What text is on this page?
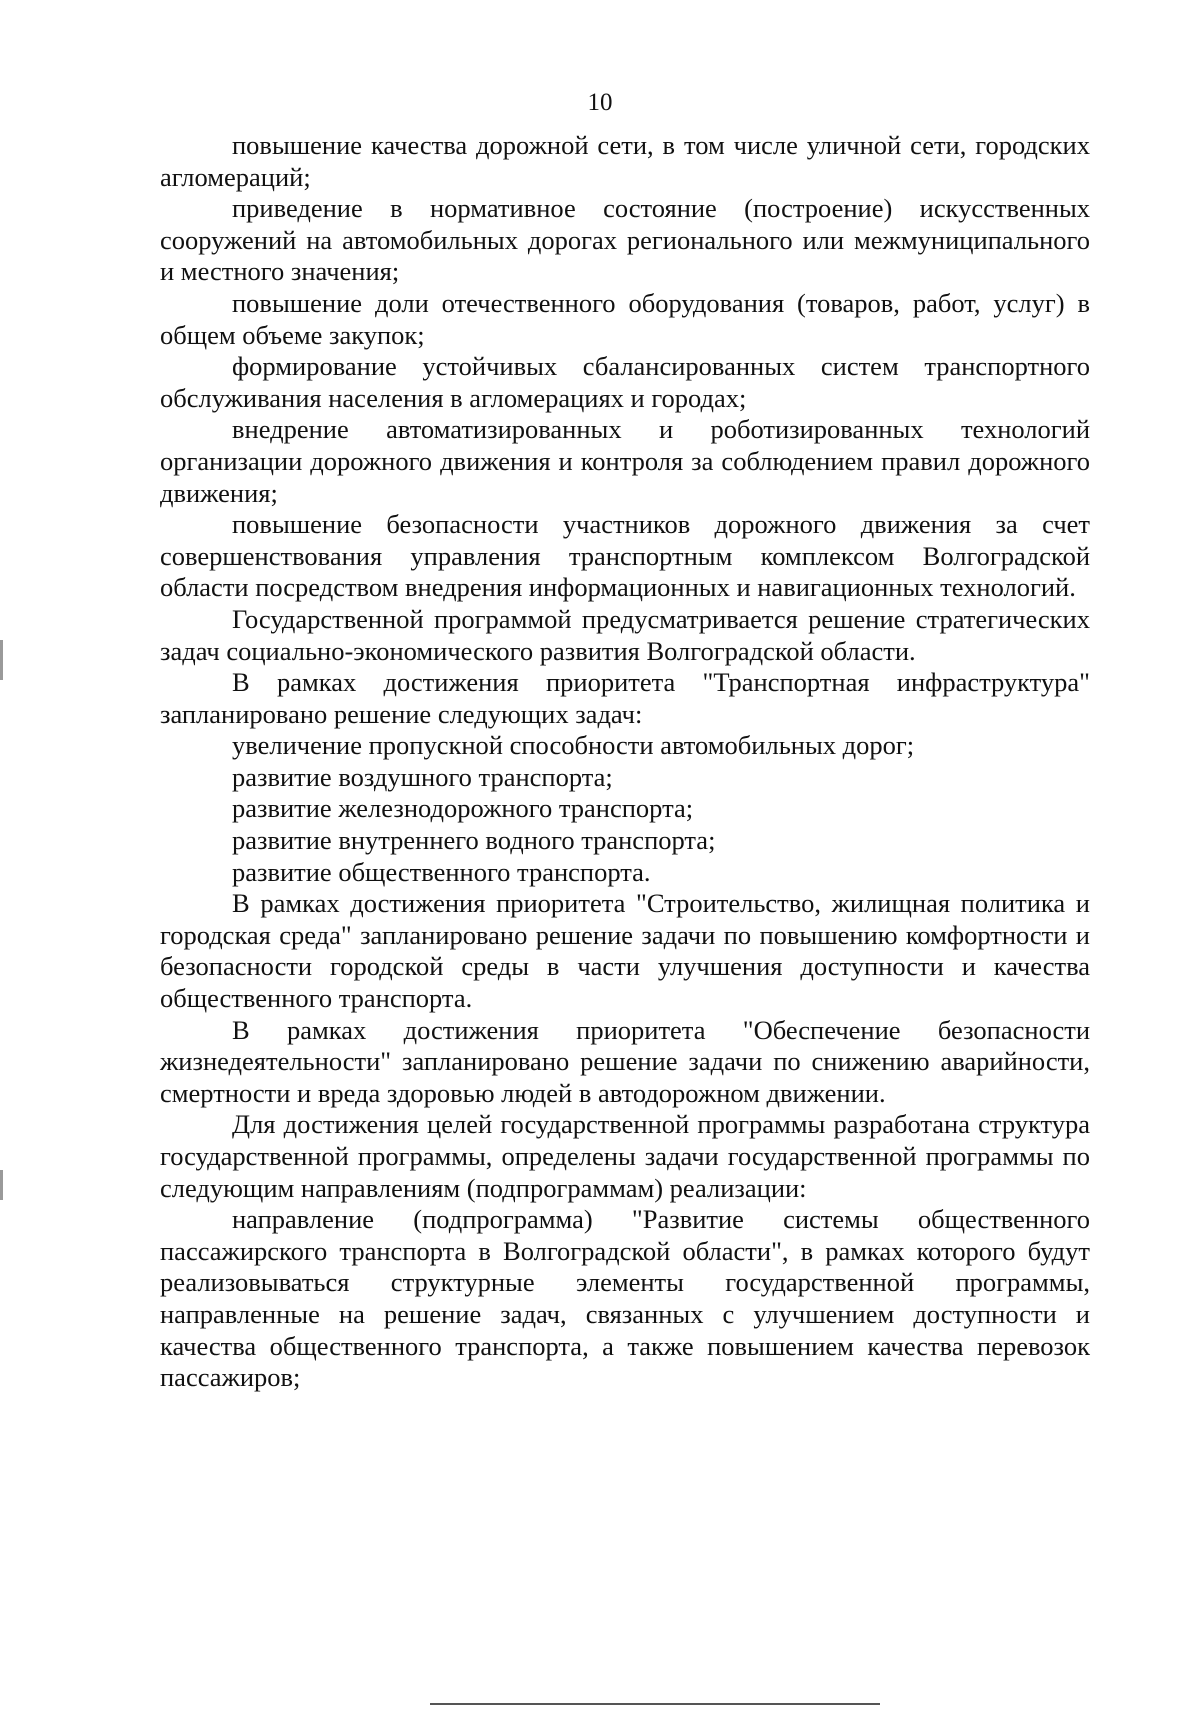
10

повышение качества дорожной сети, в том числе уличной сети, городских агломераций;

приведение в нормативное состояние (построение) искусственных сооружений на автомобильных дорогах регионального или межмуниципального и местного значения;

повышение доли отечественного оборудования (товаров, работ, услуг) в общем объеме закупок;

формирование устойчивых сбалансированных систем транспортного обслуживания населения в агломерациях и городах;

внедрение автоматизированных и роботизированных технологий организации дорожного движения и контроля за соблюдением правил дорожного движения;

повышение безопасности участников дорожного движения за счет совершенствования управления транспортным комплексом Волгоградской области посредством внедрения информационных и навигационных технологий.

Государственной программой предусматривается решение стратегических задач социально-экономического развития Волгоградской области.

В рамках достижения приоритета "Транспортная инфраструктура" запланировано решение следующих задач:

увеличение пропускной способности автомобильных дорог;

развитие воздушного транспорта;

развитие железнодорожного транспорта;

развитие внутреннего водного транспорта;

развитие общественного транспорта.

В рамках достижения приоритета "Строительство, жилищная политика и городская среда" запланировано решение задачи по повышению комфортности и безопасности городской среды в части улучшения доступности и качества общественного транспорта.

В рамках достижения приоритета "Обеспечение безопасности жизнедеятельности" запланировано решение задачи по снижению аварийности, смертности и вреда здоровью людей в автодорожном движении.

Для достижения целей государственной программы разработана структура государственной программы, определены задачи государственной программы по следующим направлениям (подпрограммам) реализации:

направление (подпрограмма) "Развитие системы общественного пассажирского транспорта в Волгоградской области", в рамках которого будут реализовываться структурные элементы государственной программы, направленные на решение задач, связанных с улучшением доступности и качества общественного транспорта, а также повышением качества перевозок пассажиров;
